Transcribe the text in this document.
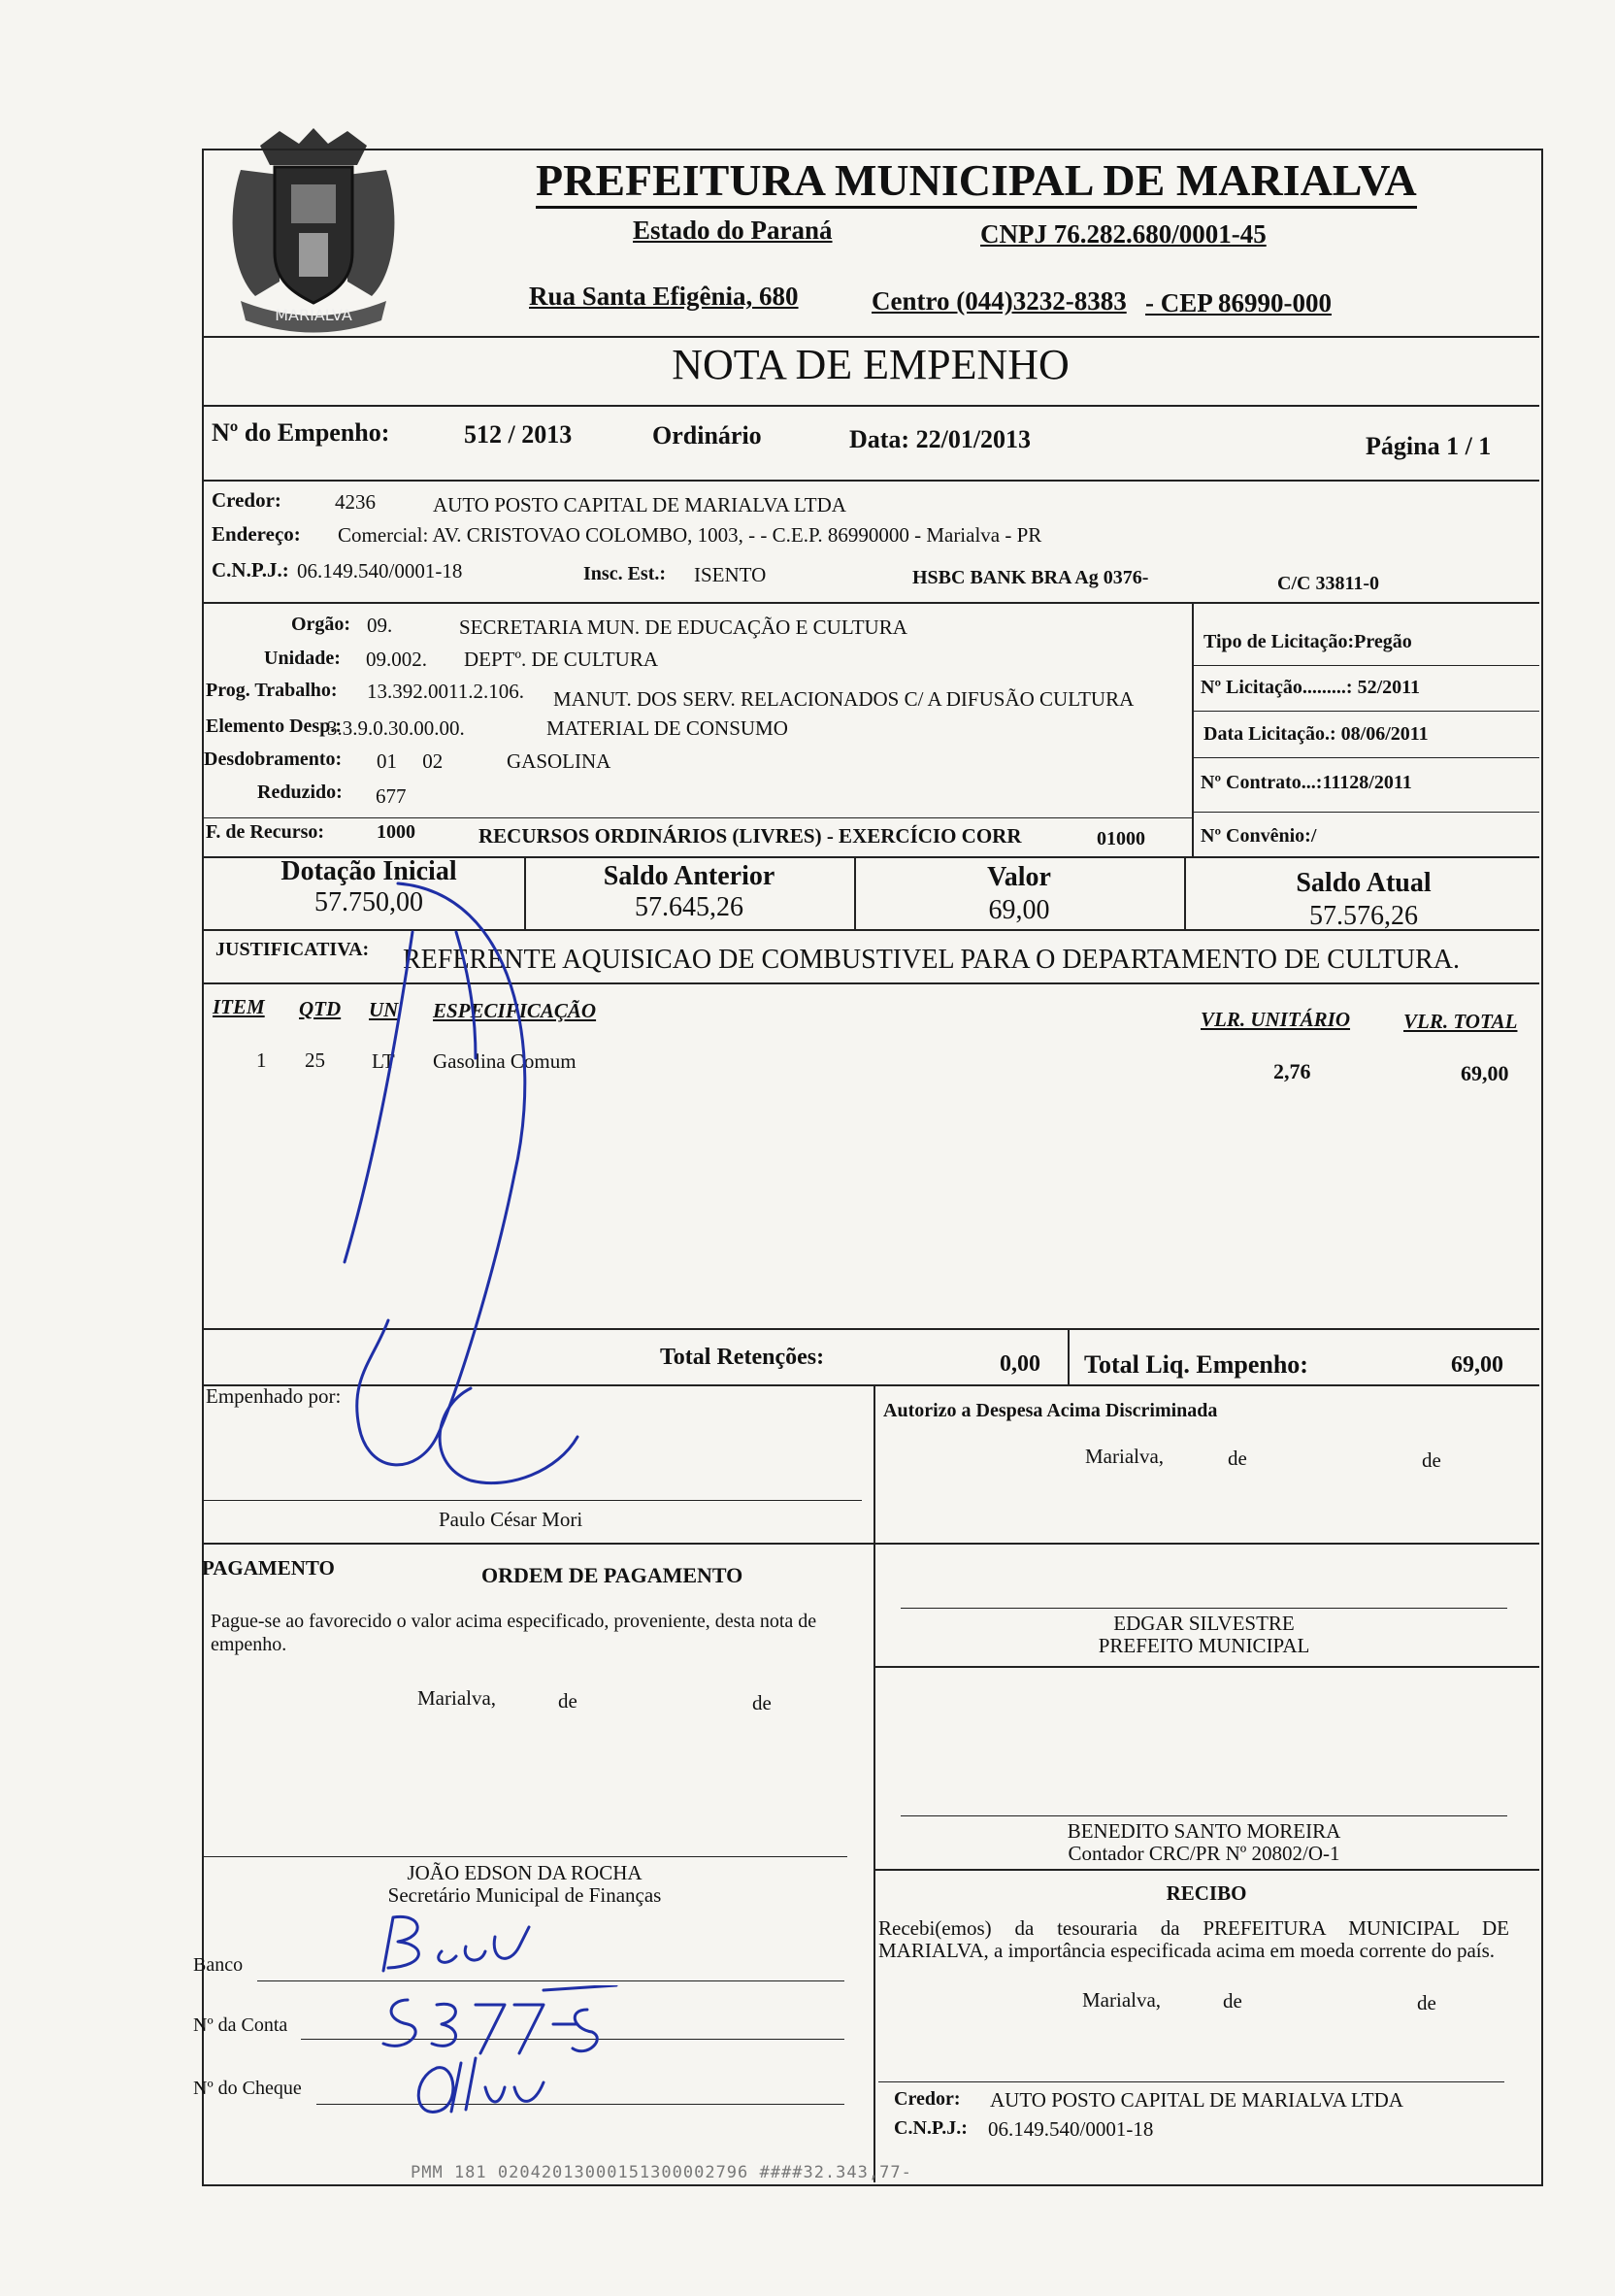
MARIALVA
PREFEITURA MUNICIPAL DE MARIALVA
Estado do Paraná	CNPJ 76.282.680/0001-45
Rua Santa Efigênia, 680	Centro (044)3232-8383 - CEP 86990-000
NOTA DE EMPENHO
Nº do Empenho:	512 / 2013	Ordinário	Data: 22/01/2013	Página 1 / 1
Credor:	4236	AUTO POSTO CAPITAL DE MARIALVA LTDA
Endereço: Comercial: AV. CRISTOVAO COLOMBO, 1003, - - C.E.P. 86990000 - Marialva - PR
C.N.P.J.: 06.149.540/0001-18	Insc. Est.: ISENTO	HSBC BANK BRA Ag 0376-	C/C 33811-0
Orgão: 09.	SECRETARIA MUN. DE EDUCAÇÃO E CULTURA
Unidade: 09.002. DEPTº. DE CULTURA
Prog. Trabalho: 13.392.0011.2.106. MANUT. DOS SERV. RELACIONADOS C/ A DIFUSÃO CULTURA
Elemento Desp.:
3.3.9.0.30.00.00.	MATERIAL DE CONSUMO
Desdobramento: 01     02	GASOLINA
Reduzido: 677
F. de Recurso:	1000	RECURSOS ORDINÁRIOS (LIVRES) - EXERCÍCIO CORR	01000
Tipo de Licitação:Pregão
Nº Licitação.........: 52/2011
Data Licitação.: 08/06/2011
Nº Contrato...:11128/2011
Nº Convênio:/
Dotação Inicial
57.750,00
Saldo Anterior
57.645,26
Valor
69,00
Saldo Atual
57.576,26
JUSTIFICATIVA: REFERENTE AQUISICAO DE COMBUSTIVEL PARA O DEPARTAMENTO DE CULTURA.
ITEM QTD UN ESPECIFICAÇÃO	VLR. UNITÁRIO	VLR. TOTAL
1 25 LT Gasolina Comum	2,76	69,00
Total Retenções:	0,00 Total Liq. Empenho:	69,00
Empenhado por:
Paulo César Mori
Autorizo a Despesa Acima Discriminada
Marialva,	de	de
PAGAMENTO	ORDEM DE PAGAMENTO
Pague-se ao favorecido o valor acima especificado, proveniente, desta nota de empenho.
Marialva,	de	de
EDGAR SILVESTRE
PREFEITO MUNICIPAL
BENEDITO SANTO MOREIRA
Contador CRC/PR Nº 20802/O-1
JOÃO EDSON DA ROCHA
Secretário Municipal de Finanças	RECIBO
Recebi(emos) da tesouraria da PREFEITURA MUNICIPAL DE MARIALVA, a importância especificada acima em moeda corrente do país.
Marialva,	de	de
Credor: AUTO POSTO CAPITAL DE MARIALVA LTDA
C.N.P.J.: 06.149.540/0001-18
Banco
Nº da Conta
Nº do Cheque
PMM 181 02042013000151300002796 ####32.343,77-
